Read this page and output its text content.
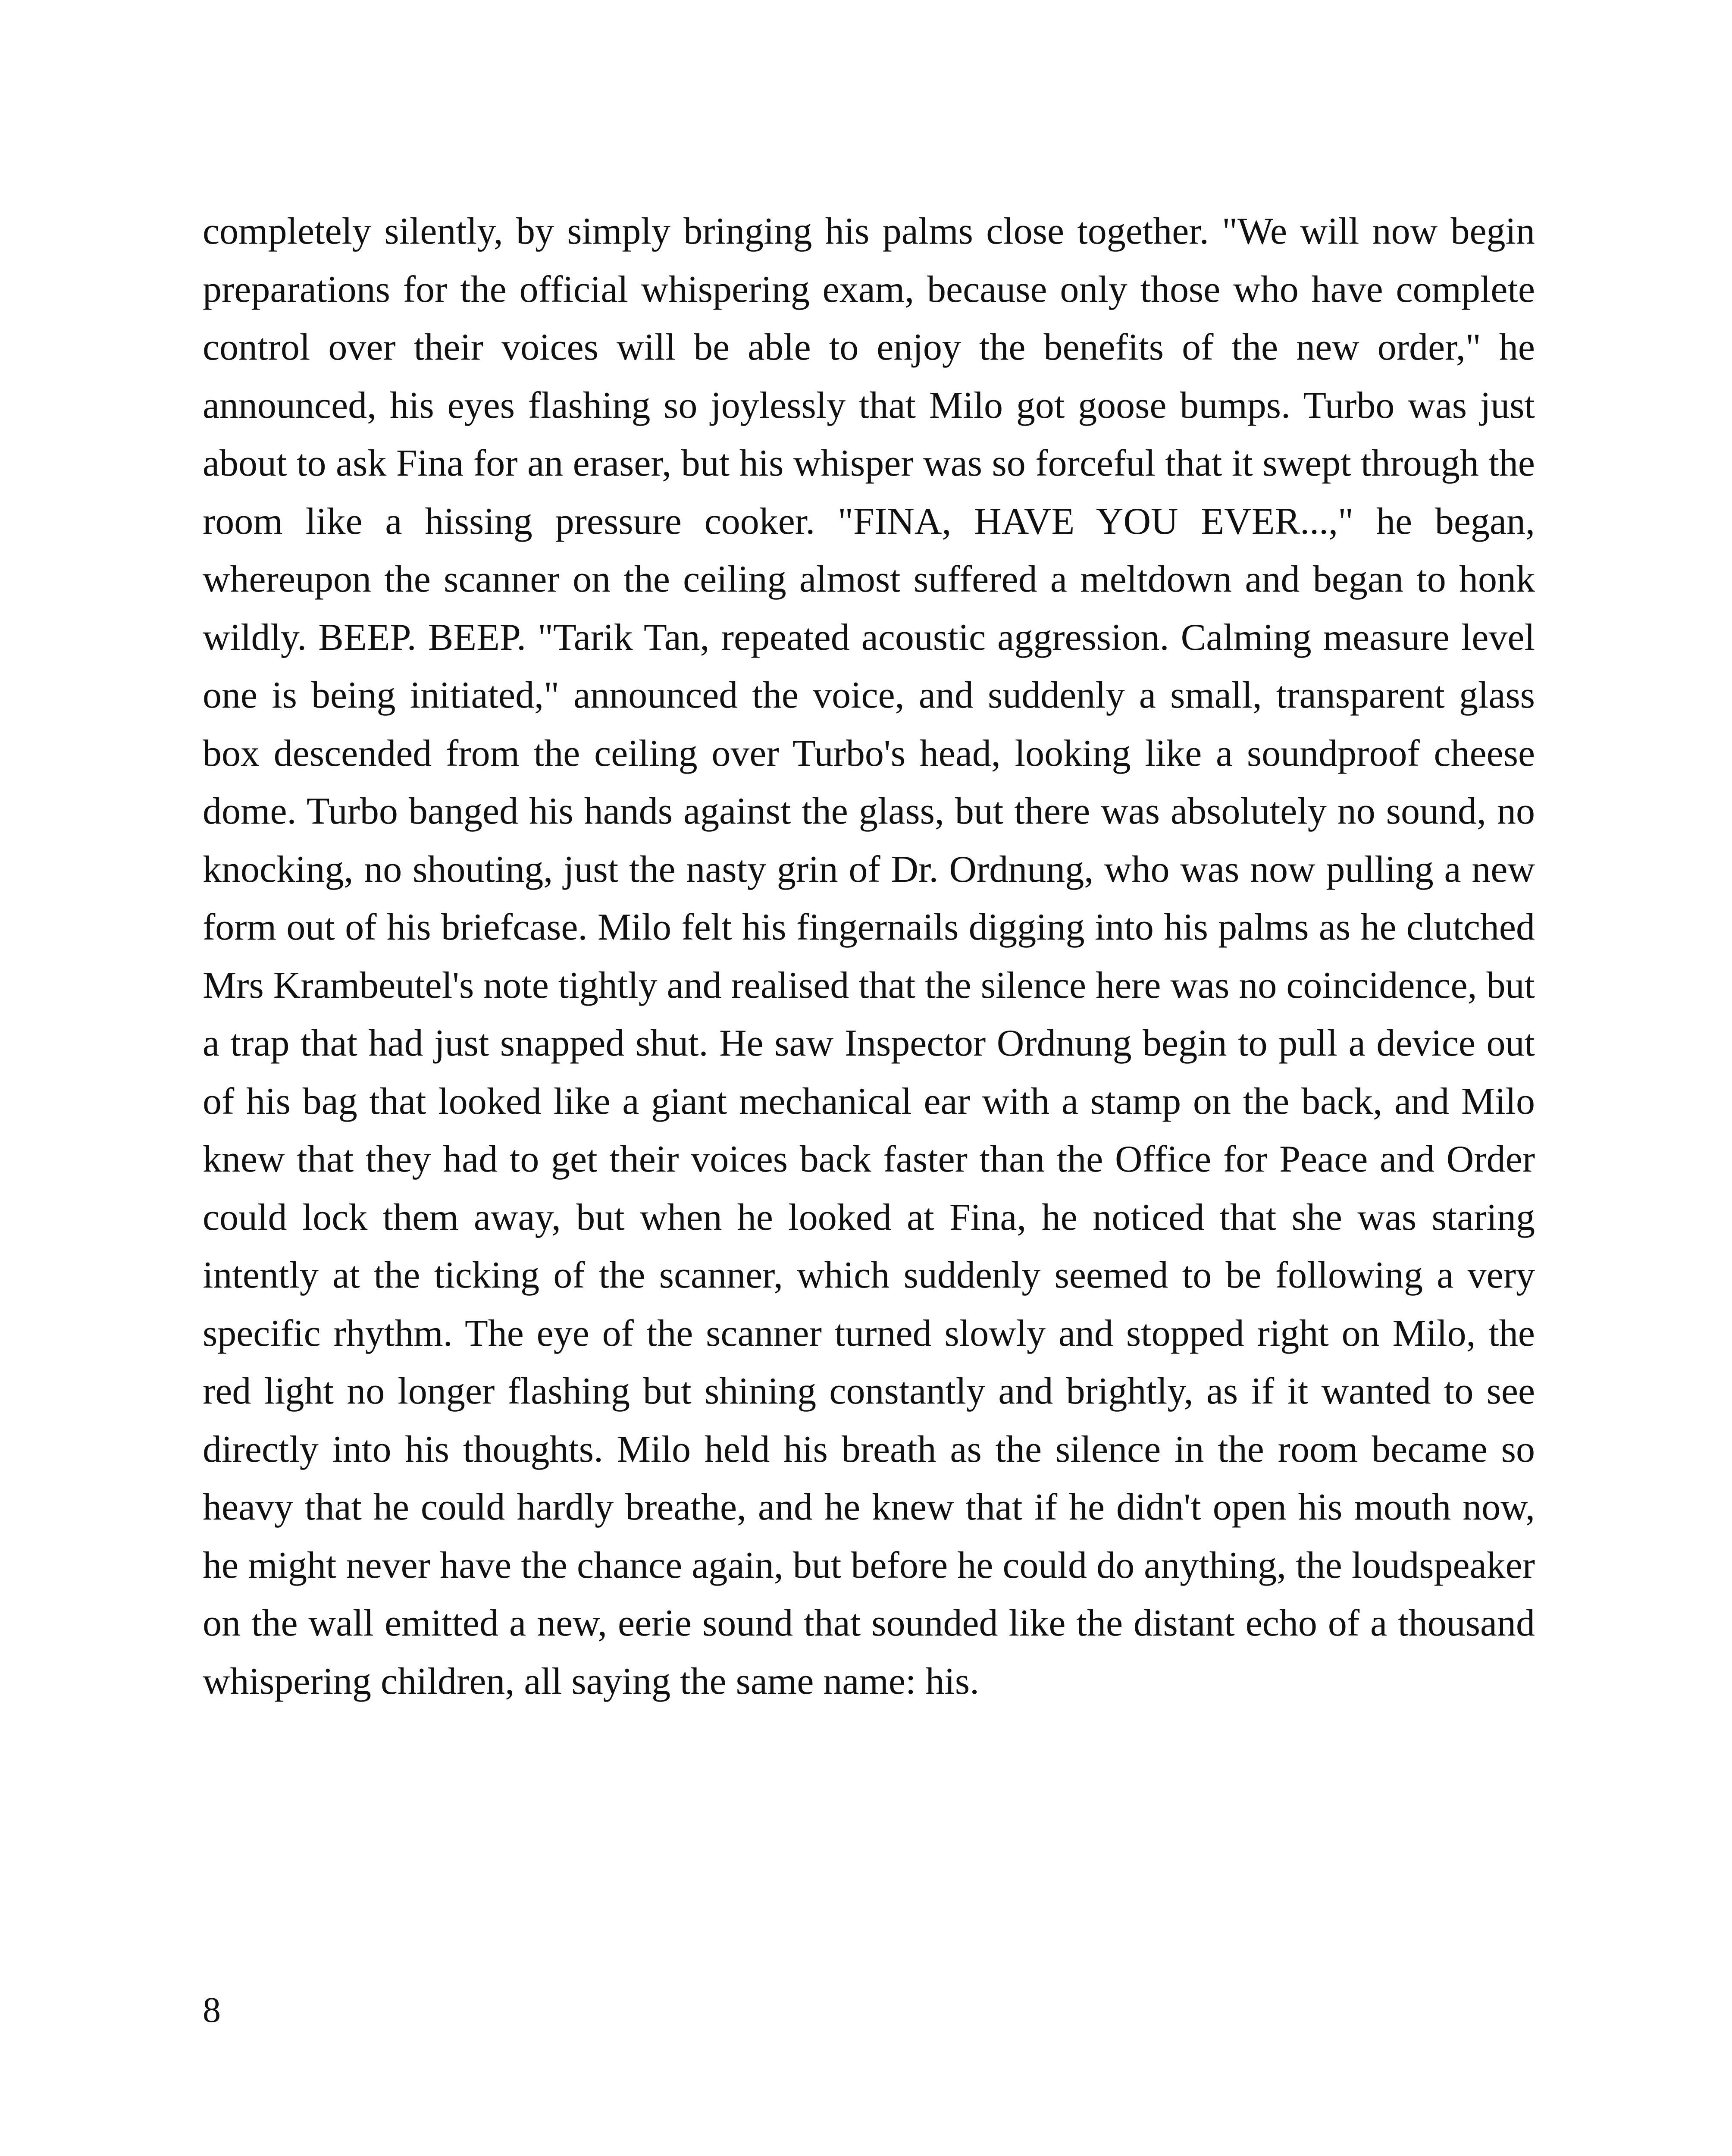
completely silently, by simply bringing his palms close together. "We will now begin preparations for the official whispering exam, because only those who have complete control over their voices will be able to enjoy the benefits of the new order," he announced, his eyes flashing so joylessly that Milo got goose bumps. Turbo was just about to ask Fina for an eraser, but his whisper was so forceful that it swept through the room like a hissing pressure cooker. "FINA, HAVE YOU EVER...," he began, whereupon the scanner on the ceiling almost suffered a meltdown and began to honk wildly. BEEP. BEEP. "Tarik Tan, repeated acoustic aggression. Calming measure level one is being initiated," announced the voice, and suddenly a small, transparent glass box descended from the ceiling over Turbo's head, looking like a soundproof cheese dome. Turbo banged his hands against the glass, but there was absolutely no sound, no knocking, no shouting, just the nasty grin of Dr. Ordnung, who was now pulling a new form out of his briefcase. Milo felt his fingernails digging into his palms as he clutched Mrs Krambeutel's note tightly and realised that the silence here was no coincidence, but a trap that had just snapped shut. He saw Inspector Ordnung begin to pull a device out of his bag that looked like a giant mechanical ear with a stamp on the back, and Milo knew that they had to get their voices back faster than the Office for Peace and Order could lock them away, but when he looked at Fina, he noticed that she was staring intently at the ticking of the scanner, which suddenly seemed to be following a very specific rhythm. The eye of the scanner turned slowly and stopped right on Milo, the red light no longer flashing but shining constantly and brightly, as if it wanted to see directly into his thoughts. Milo held his breath as the silence in the room became so heavy that he could hardly breathe, and he knew that if he didn't open his mouth now, he might never have the chance again, but before he could do anything, the loudspeaker on the wall emitted a new, eerie sound that sounded like the distant echo of a thousand whispering children, all saying the same name: his.

8
